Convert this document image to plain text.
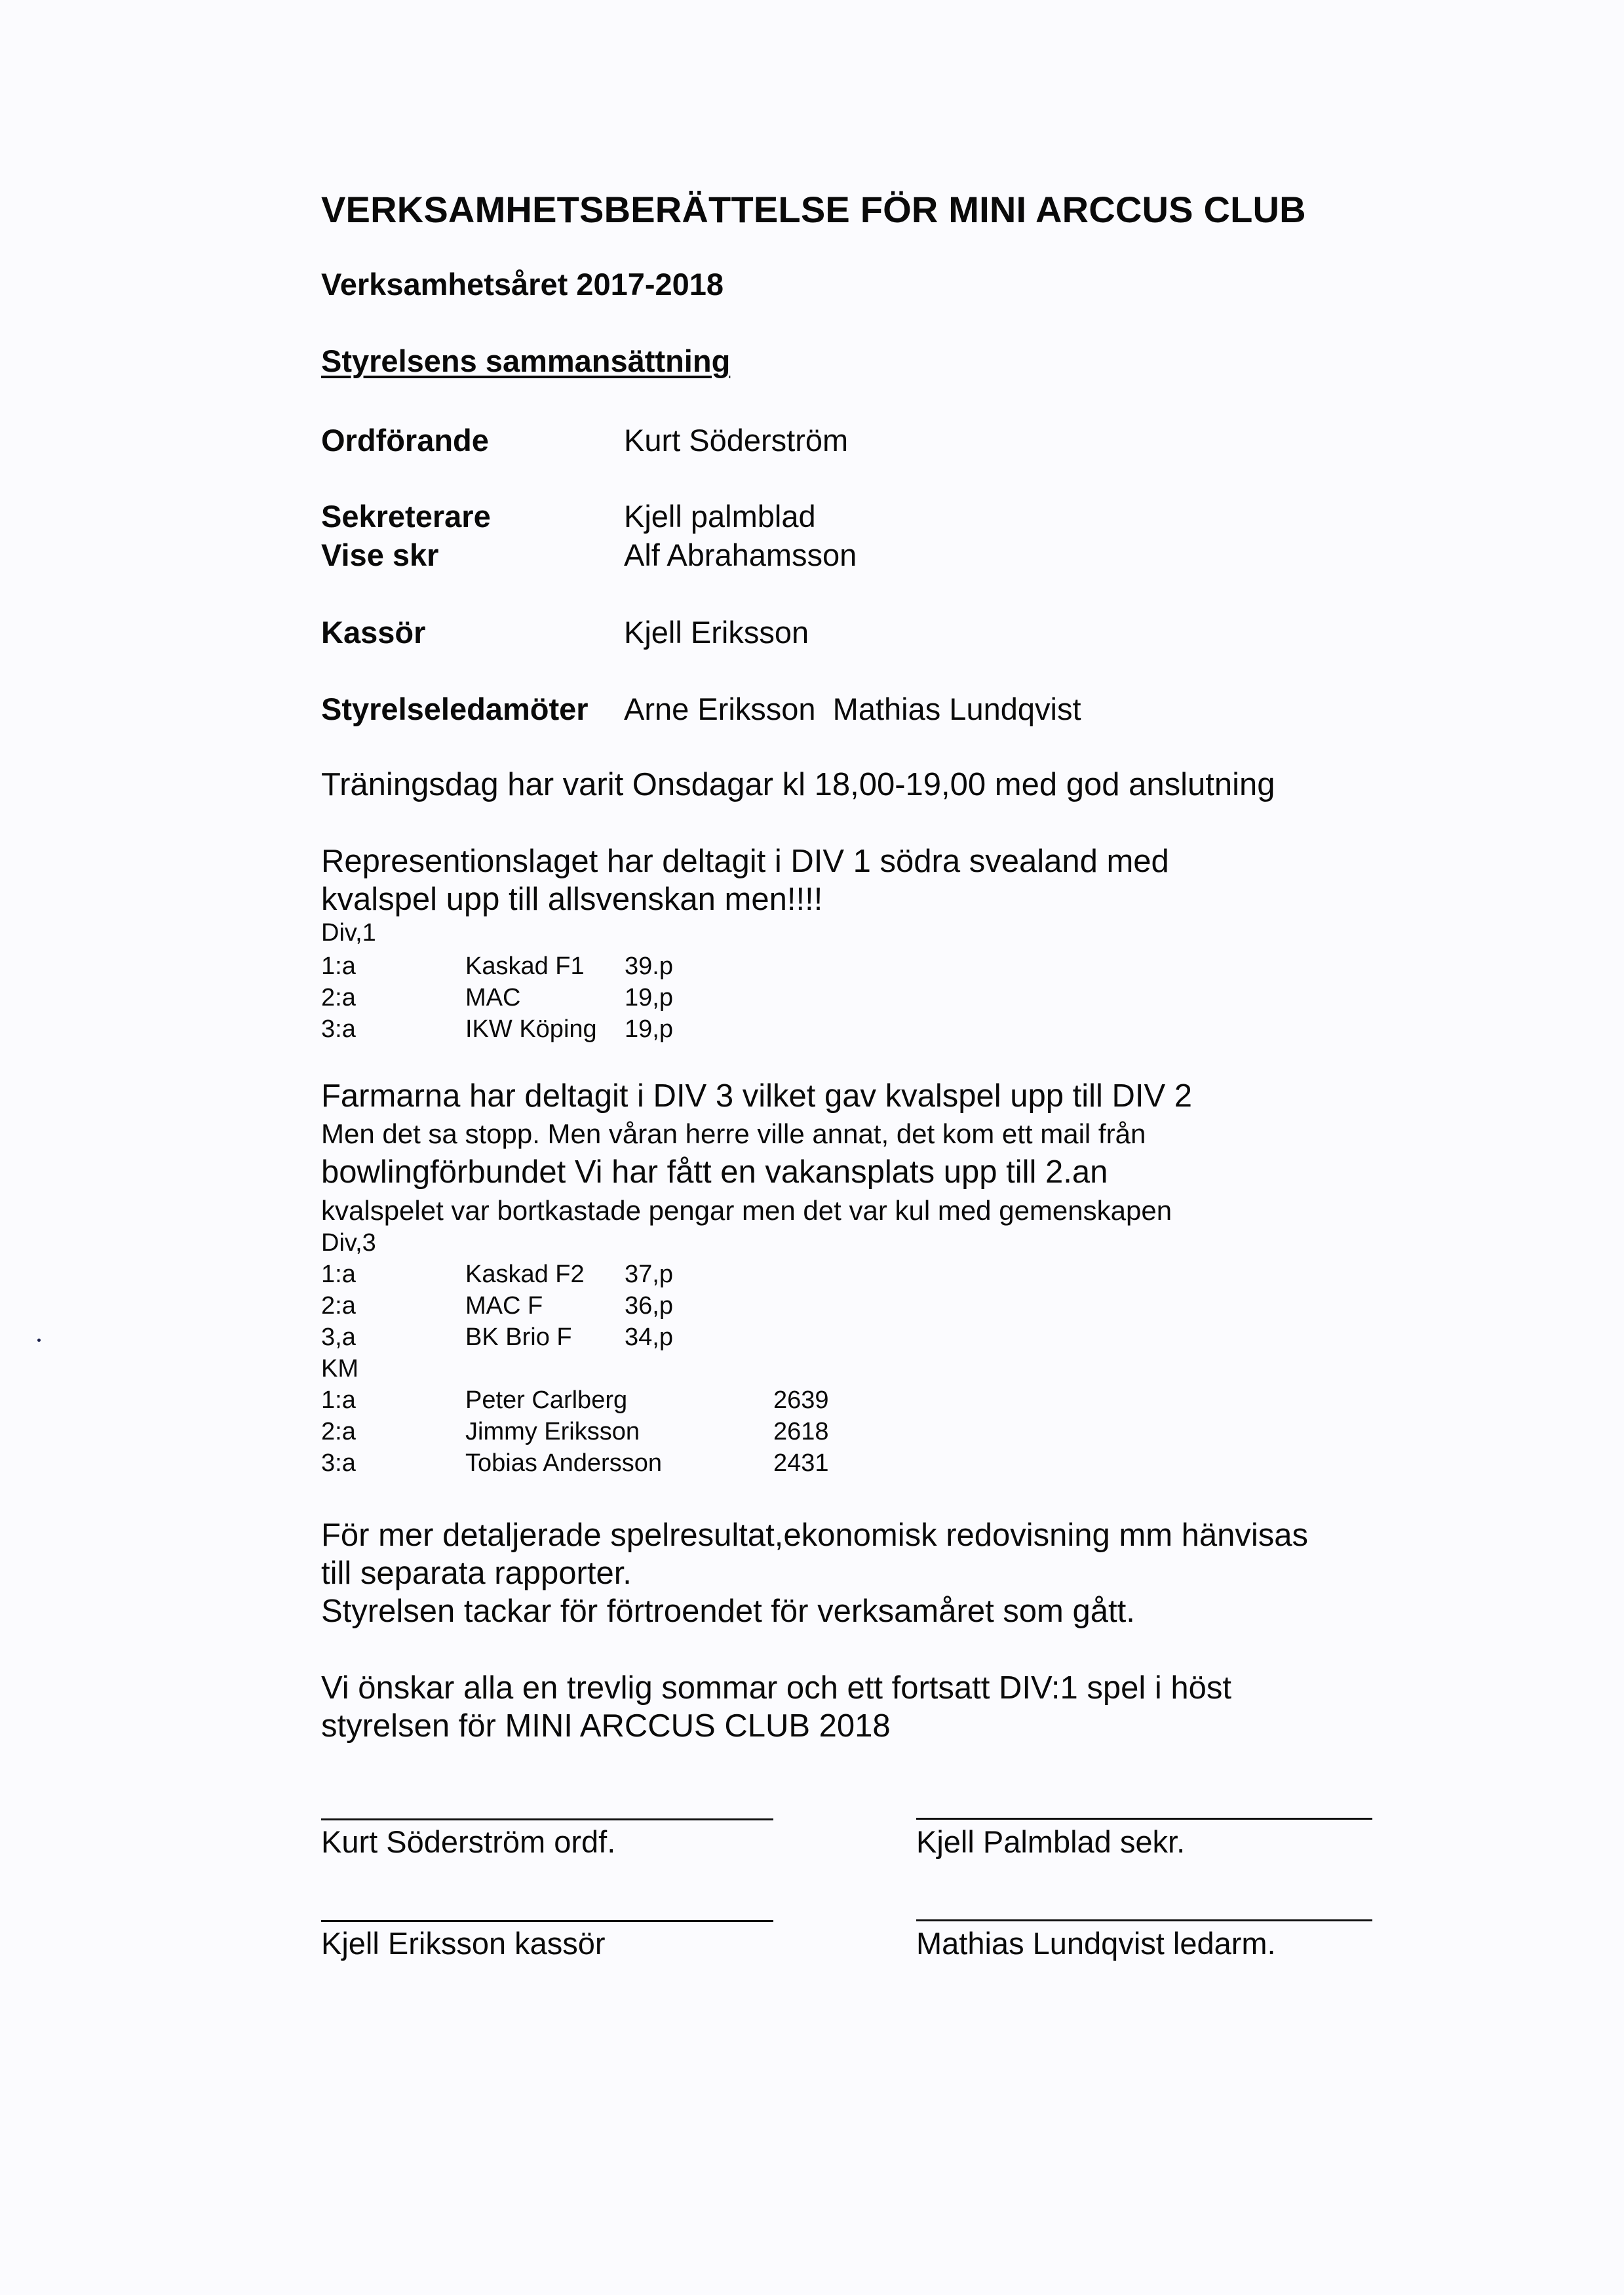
VERKSAMHETSBERÄTTELSE FÖR MINI ARCCUS CLUB
Verksamhetsåret 2017-2018
Styrelsens sammansättning
Ordförande	Kurt Söderström
Sekreterare	Kjell palmblad
Vise skr	Alf Abrahamsson
Kassör	Kjell Eriksson
Styrelseledamöter Arne Eriksson  Mathias Lundqvist
Träningsdag har varit Onsdagar kl 18,00-19,00 med god anslutning
Representionslaget har deltagit i DIV 1 södra svealand med
kvalspel upp till allsvenskan men!!!!
Div,1
1:a	Kaskad F1 39.p
2:a	MAC	19,p
3:a	IKW Köping 19,p
Farmarna har deltagit i DIV 3 vilket gav kvalspel upp till DIV 2
Men det sa stopp. Men våran herre ville annat, det kom ett mail från
bowlingförbundet Vi har fått en vakansplats upp till 2.an
kvalspelet var bortkastade pengar men det var kul med gemenskapen
Div,3
1:a	Kaskad F2 37,p
2:a	MAC F	36,p
3,a	BK Brio F 34,p
KM
1:a	Peter Carlberg	2639
2:a	Jimmy Eriksson	2618
3:a	Tobias Andersson	2431
För mer detaljerade spelresultat,ekonomisk redovisning mm hänvisas
till separata rapporter.
Styrelsen tackar för förtroendet för verksamåret som gått.
Vi önskar alla en trevlig sommar och ett fortsatt DIV:1 spel i höst
styrelsen för MINI ARCCUS CLUB 2018
Kurt Söderström ordf.	Kjell Palmblad sekr.
Kjell Eriksson kassör	Mathias Lundqvist ledarm.
